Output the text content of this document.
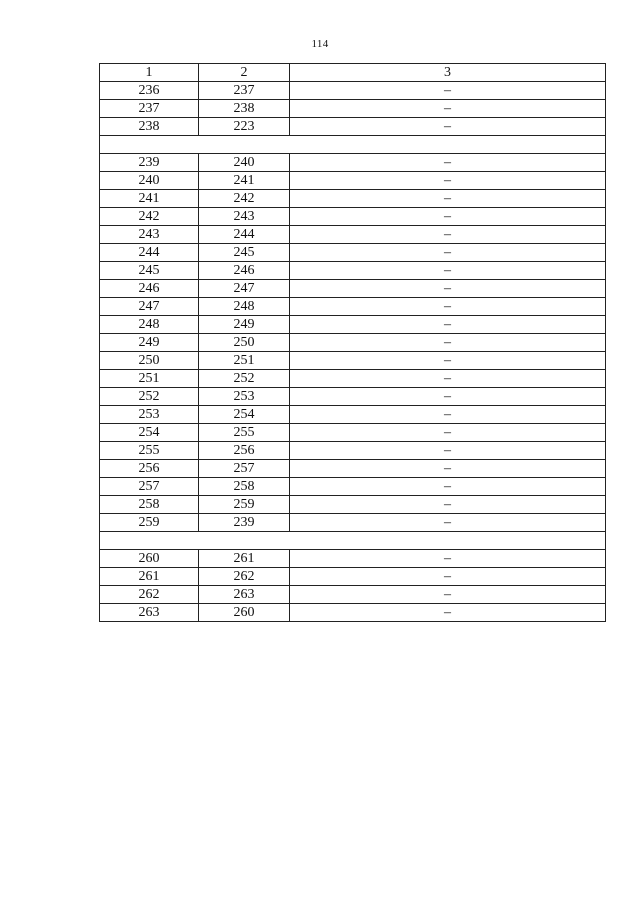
114
1	2	3
236	237	–
237	238	–
238	223	–

239	240	–
240	241	–
241	242	–
242	243	–
243	244	–
244	245	–
245	246	–
246	247	–
247	248	–
248	249	–
249	250	–
250	251	–
251	252	–
252	253	–
253	254	–
254	255	–
255	256	–
256	257	–
257	258	–
258	259	–
259	239	–

260	261	–
261	262	–
262	263	–
263	260	–
